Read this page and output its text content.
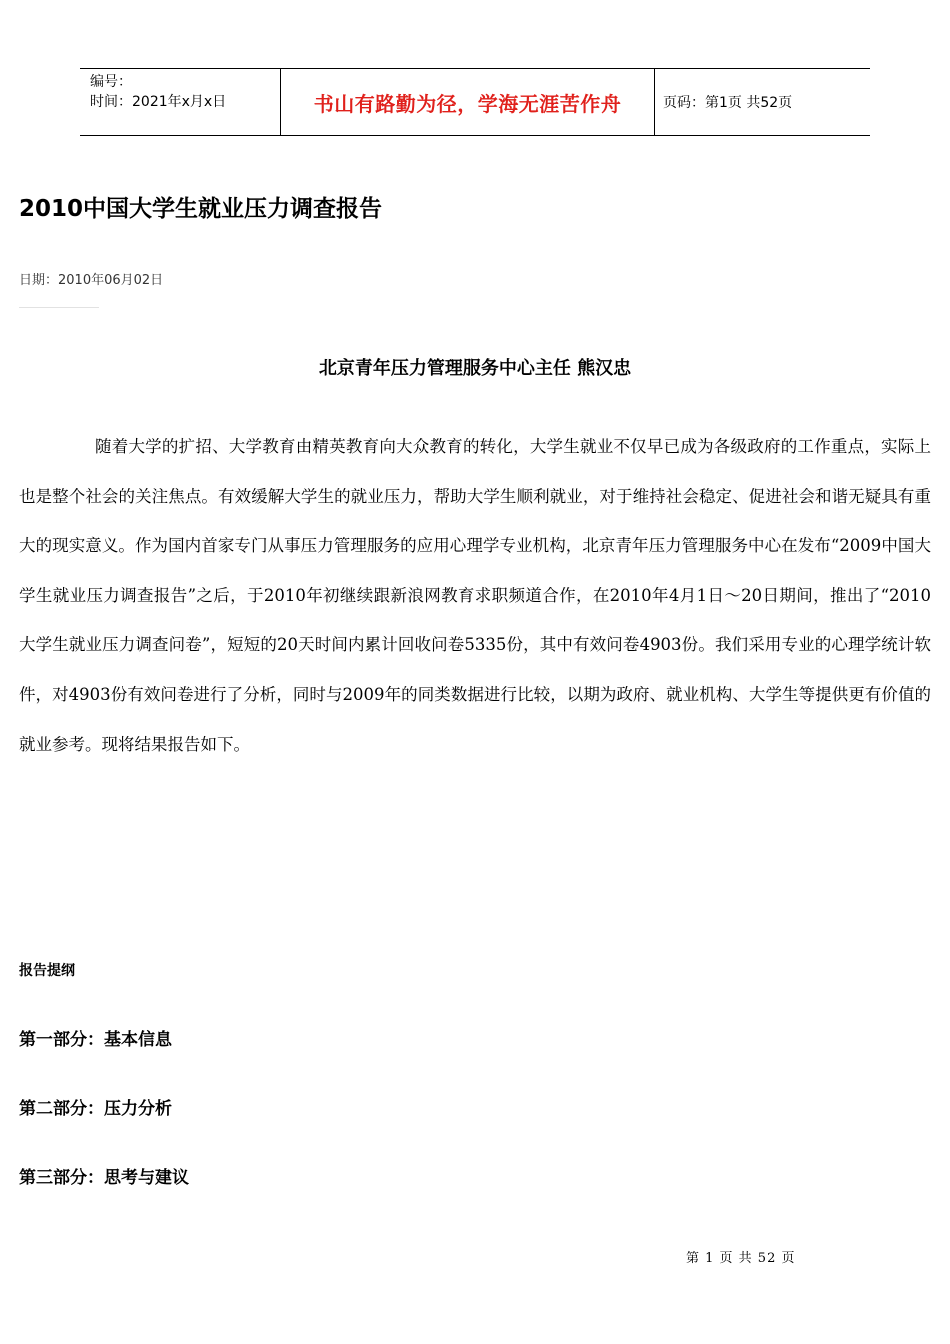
编号：
时间：2021年x月x日	书山有路勤为径，学海无涯苦作舟	页码：第1页 共52页
2010中国大学生就业压力调查报告
日期：2010年06月02日
北京青年压力管理服务中心主任 熊汉忠

随着大学的扩招、大学教育由精英教育向大众教育的转化，大学生就业不仅早已成为各级政府的工作重点，实际上也是整个社会的关注焦点。有效缓解大学生的就业压力，帮助大学生顺利就业，对于维持社会稳定、促进社会和谐无疑具有重大的现实意义。作为国内首家专门从事压力管理服务的应用心理学专业机构，北京青年压力管理服务中心在发布“2009中国大学生就业压力调查报告”之后，于2010年初继续跟新浪网教育求职频道合作，在2010年4月1日～20日期间，推出了“2010 大学生就业压力调查问卷”，短短的20天时间内累计回收问卷5335份，其中有效问卷4903份。我们采用专业的心理学统计软件，对4903份有效问卷进行了分析，同时与2009年的同类数据进行比较，以期为政府、就业机构、大学生等提供更有价值的就业参考。现将结果报告如下。

报告提纲
第一部分：基本信息
第二部分：压力分析
第三部分：思考与建议
第 1 页 共 52 页
